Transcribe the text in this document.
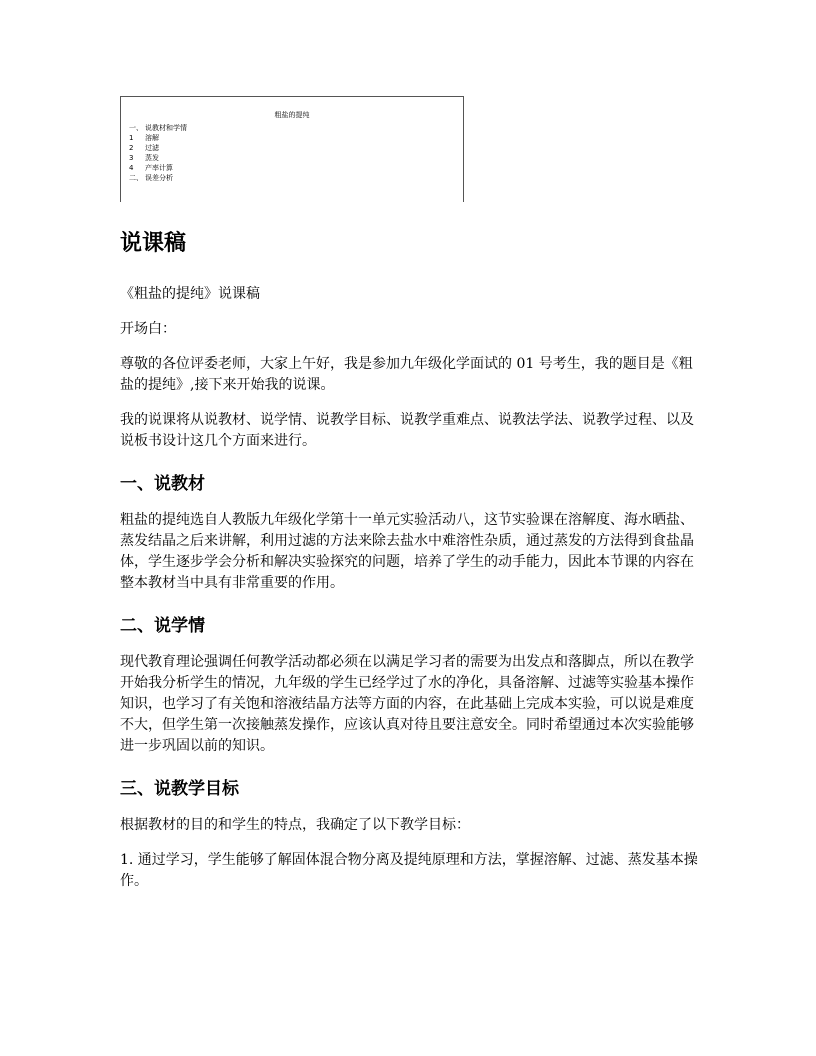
粗盐的提纯
一、 说教材和学情
1 溶解
2 过滤
3 蒸发
4 产率计算
二、 误差分析
说课稿

《粗盐的提纯》说课稿

开场白：

尊敬的各位评委老师，大家上午好，我是参加九年级化学面试的 01 号考生，我的题目是《粗盐的提纯》,接下来开始我的说课。

我的说课将从说教材、说学情、说教学目标、说教学重难点、说教法学法、说教学过程、以及说板书设计这几个方面来进行。

一、说教材

粗盐的提纯选自人教版九年级化学第十一单元实验活动八，这节实验课在溶解度、海水晒盐、蒸发结晶之后来讲解，利用过滤的方法来除去盐水中难溶性杂质，通过蒸发的方法得到食盐晶体，学生逐步学会分析和解决实验探究的问题，培养了学生的动手能力，因此本节课的内容在整本教材当中具有非常重要的作用。

二、说学情

现代教育理论强调任何教学活动都必须在以满足学习者的需要为出发点和落脚点，所以在教学开始我分析学生的情况，九年级的学生已经学过了水的净化，具备溶解、过滤等实验基本操作知识，也学习了有关饱和溶液结晶方法等方面的内容，在此基础上完成本实验，可以说是难度不大，但学生第一次接触蒸发操作，应该认真对待且要注意安全。同时希望通过本次实验能够进一步巩固以前的知识。

三、说教学目标

根据教材的目的和学生的特点，我确定了以下教学目标：

1. 通过学习，学生能够了解固体混合物分离及提纯原理和方法，掌握溶解、过滤、蒸发基本操作。
